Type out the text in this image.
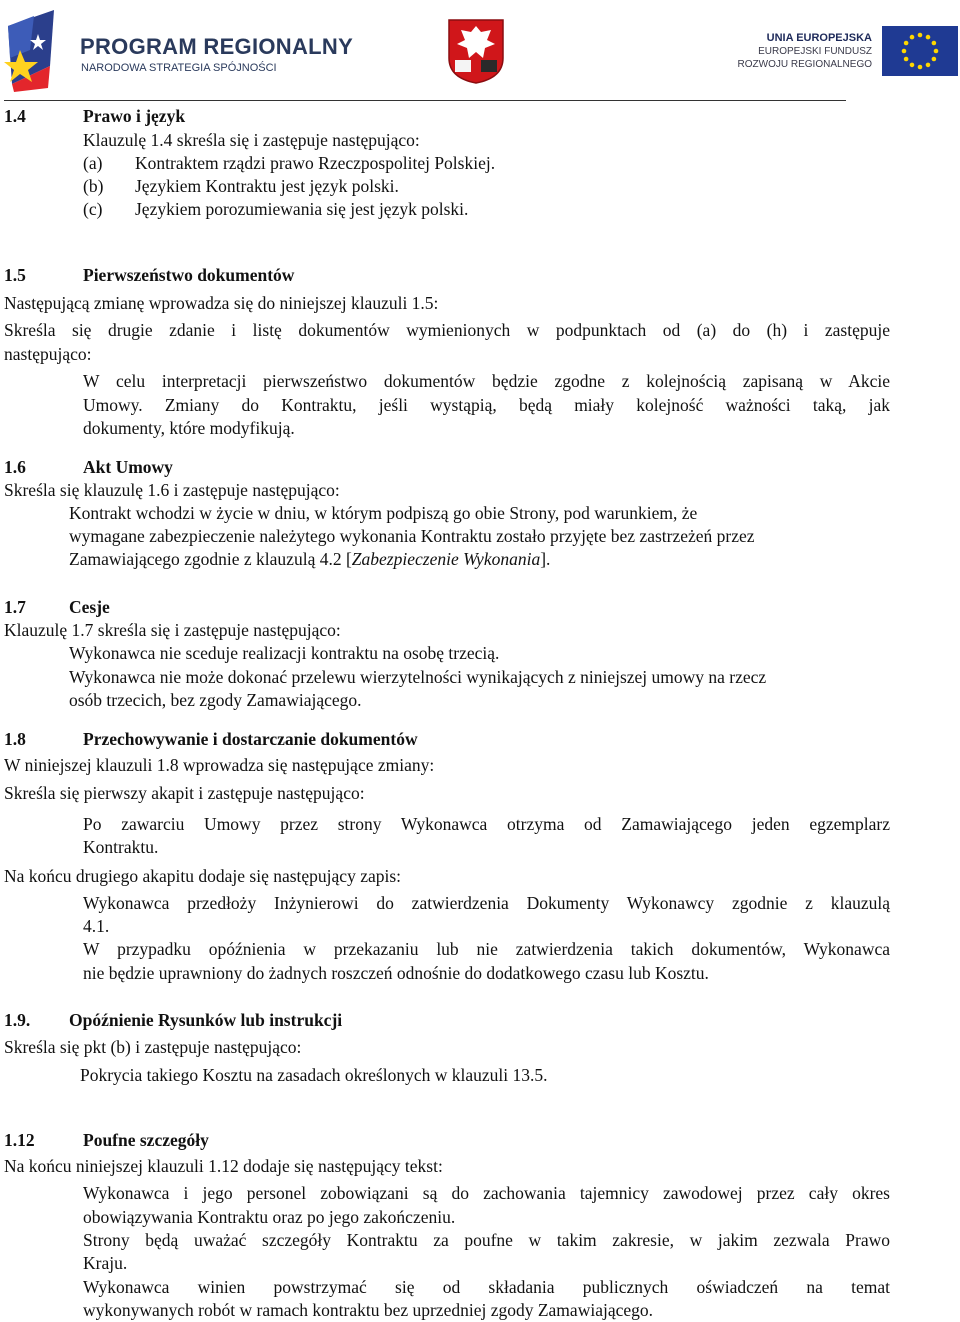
PROGRAM REGIONALNY
NARODOWA STRATEGIA SPÓJNOŚCI
UNIA EUROPEJSKA
EUROPEJSKI FUNDUSZ
ROZWOJU REGIONALNEGO
1.4	Prawo i język
Klauzulę 1.4 skreśla się i zastępuje następująco:
(a) Kontraktem rządzi prawo Rzeczpospolitej Polskiej.
(b) Językiem Kontraktu jest język polski.
(c) Językiem porozumiewania się jest język polski.
1.5	Pierwszeństwo dokumentów
Następującą zmianę wprowadza się do niniejszej klauzuli 1.5:
Skreśla się drugie zdanie i listę dokumentów wymienionych w podpunktach od (a) do (h) i zastępuje
następująco:
W celu interpretacji pierwszeństwo dokumentów będzie zgodne z kolejnością zapisaną w Akcie
Umowy. Zmiany do Kontraktu, jeśli wystąpią, będą miały kolejność ważności taką, jak
dokumenty, które modyfikują.
1.6	Akt Umowy
Skreśla się klauzulę 1.6 i zastępuje następująco:
Kontrakt wchodzi w życie w dniu, w którym podpiszą go obie Strony, pod warunkiem, że
wymagane zabezpieczenie należytego wykonania Kontraktu zostało przyjęte bez zastrzeżeń przez
Zamawiającego zgodnie z klauzulą 4.2 [Zabezpieczenie Wykonania].
1.7 Cesje
Klauzulę 1.7 skreśla się i zastępuje następująco:
Wykonawca nie sceduje realizacji kontraktu na osobę trzecią.
Wykonawca nie może dokonać przelewu wierzytelności wynikających z niniejszej umowy na rzecz
osób trzecich, bez zgody Zamawiającego.
1.8	Przechowywanie i dostarczanie dokumentów
W niniejszej klauzuli 1.8 wprowadza się następujące zmiany:
Skreśla się pierwszy akapit i zastępuje następująco:
Po zawarciu Umowy przez strony Wykonawca otrzyma od Zamawiającego jeden egzemplarz
Kontraktu.
Na końcu drugiego akapitu dodaje się następujący zapis:
Wykonawca przedłoży Inżynierowi do zatwierdzenia Dokumenty Wykonawcy zgodnie z klauzulą
4.1.
W przypadku opóźnienia w przekazaniu lub nie zatwierdzenia takich dokumentów, Wykonawca
nie będzie uprawniony do żadnych roszczeń odnośnie do dodatkowego czasu lub Kosztu.
1.9. Opóźnienie Rysunków lub instrukcji
Skreśla się pkt (b) i zastępuje następująco:
Pokrycia takiego Kosztu na zasadach określonych w klauzuli 13.5.
1.12	Poufne szczegóły
Na końcu niniejszej klauzuli 1.12 dodaje się następujący tekst:
Wykonawca i jego personel zobowiązani są do zachowania tajemnicy zawodowej przez cały okres
obowiązywania Kontraktu oraz po jego zakończeniu.
Strony będą uważać szczegóły Kontraktu za poufne w takim zakresie, w jakim zezwala Prawo
Kraju.
Wykonawca winien powstrzymać się od składania publicznych oświadczeń na temat
wykonywanych robót w ramach kontraktu bez uprzedniej zgody Zamawiającego.
